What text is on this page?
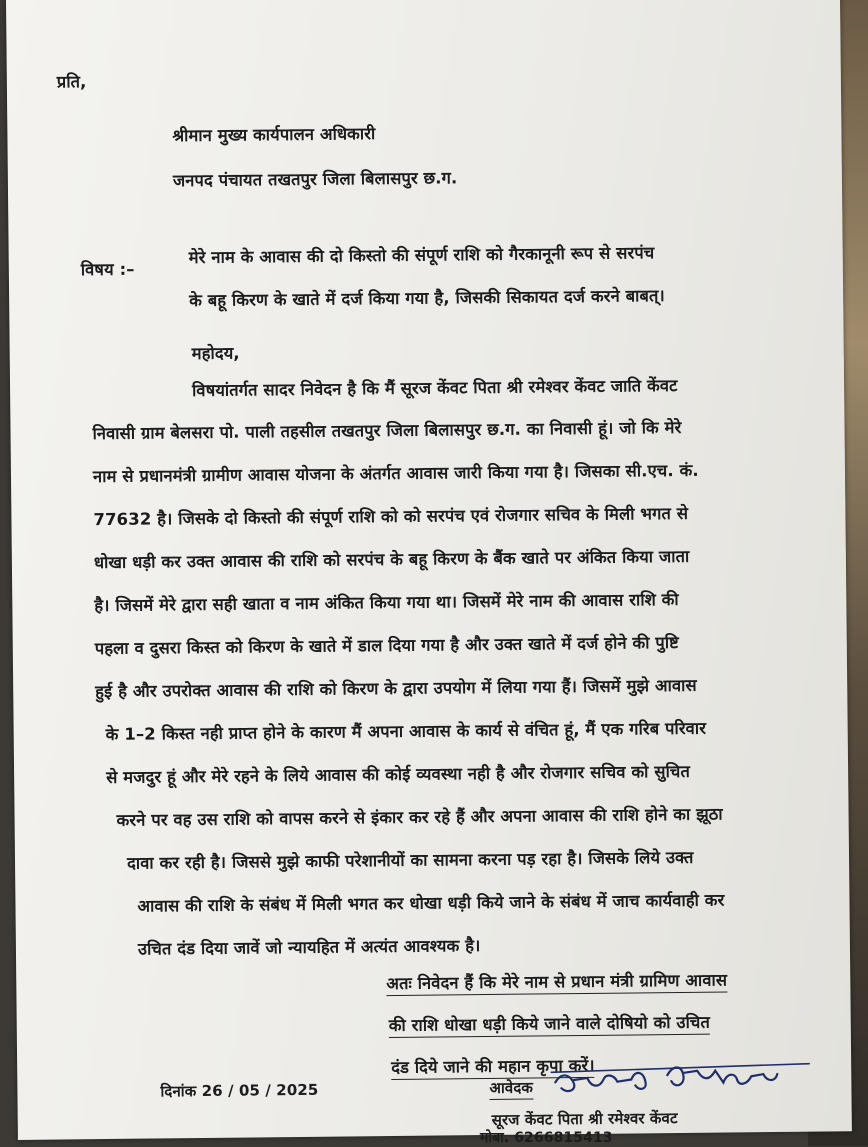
प्रति,
श्रीमान मुख्य कार्यपालन अधिकारी
जनपद पंचायत तखतपुर जिला बिलासपुर छ.ग.
विषय :–
मेरे नाम के आवास की दो किस्तो की संपूर्ण राशि को गैरकानूनी रूप से सरपंच
के बहू किरण के खाते में दर्ज किया गया है, जिसकी सिकायत दर्ज करने बाबत्।
महोदय,
विषयांतर्गत सादर निवेदन है कि मैं सूरज केंवट पिता श्री रमेश्वर केंवट जाति केंवट
निवासी ग्राम बेलसरा पो. पाली तहसील तखतपुर जिला बिलासपुर छ.ग. का निवासी हूं। जो कि मेरे
नाम से प्रधानमंत्री ग्रामीण आवास योजना के अंतर्गत आवास जारी किया गया है। जिसका सी.एच. कं.
77632 है। जिसके दो किस्तो की संपूर्ण राशि को को सरपंच एवं रोजगार सचिव के मिली भगत से
धोखा धड़ी कर उक्त आवास की राशि को सरपंच के बहू किरण के बैंक खाते पर अंकित किया जाता
है। जिसमें मेरे द्वारा सही खाता व नाम अंकित किया गया था। जिसमें मेरे नाम की आवास राशि की
पहला व दुसरा किस्त को किरण के खाते में डाल दिया गया है और उक्त खाते में दर्ज होने की पुष्टि
हुई है और उपरोक्त आवास की राशि को किरण के द्वारा उपयोग में लिया गया हैं। जिसमें मुझे आवास
के 1–2 किस्त नही प्राप्त होने के कारण मैं अपना आवास के कार्य से वंचित हूं, मैं एक गरिब परिवार
से मजदुर हूं और मेरे रहने के लिये आवास की कोई व्यवस्था नही है और रोजगार सचिव को सुचित
करने पर वह उस राशि को वापस करने से इंकार कर रहे हैं और अपना आवास की राशि होने का झूठा
दावा कर रही है। जिससे मुझे काफी परेशानीयों का सामना करना पड़ रहा है। जिसके लिये उक्त
आवास की राशि के संबंध में मिली भगत कर धोखा धड़ी किये जाने के संबंध में जाच कार्यवाही कर
उचित दंड दिया जावें जो न्यायहित में अत्यंत आवश्यक है।
अतः निवेदन हैं कि मेरे नाम से प्रधान मंत्री ग्रामिण आवास
की राशि धोखा धड़ी किये जाने वाले दोषियो को उचित
दंड दिये जाने की महान कृपा करें।
दिनांक 26 / 05 / 2025	आवेदक
सूरज केंवट पिता श्री रमेश्वर केंवट
मोबा. 6266815413
